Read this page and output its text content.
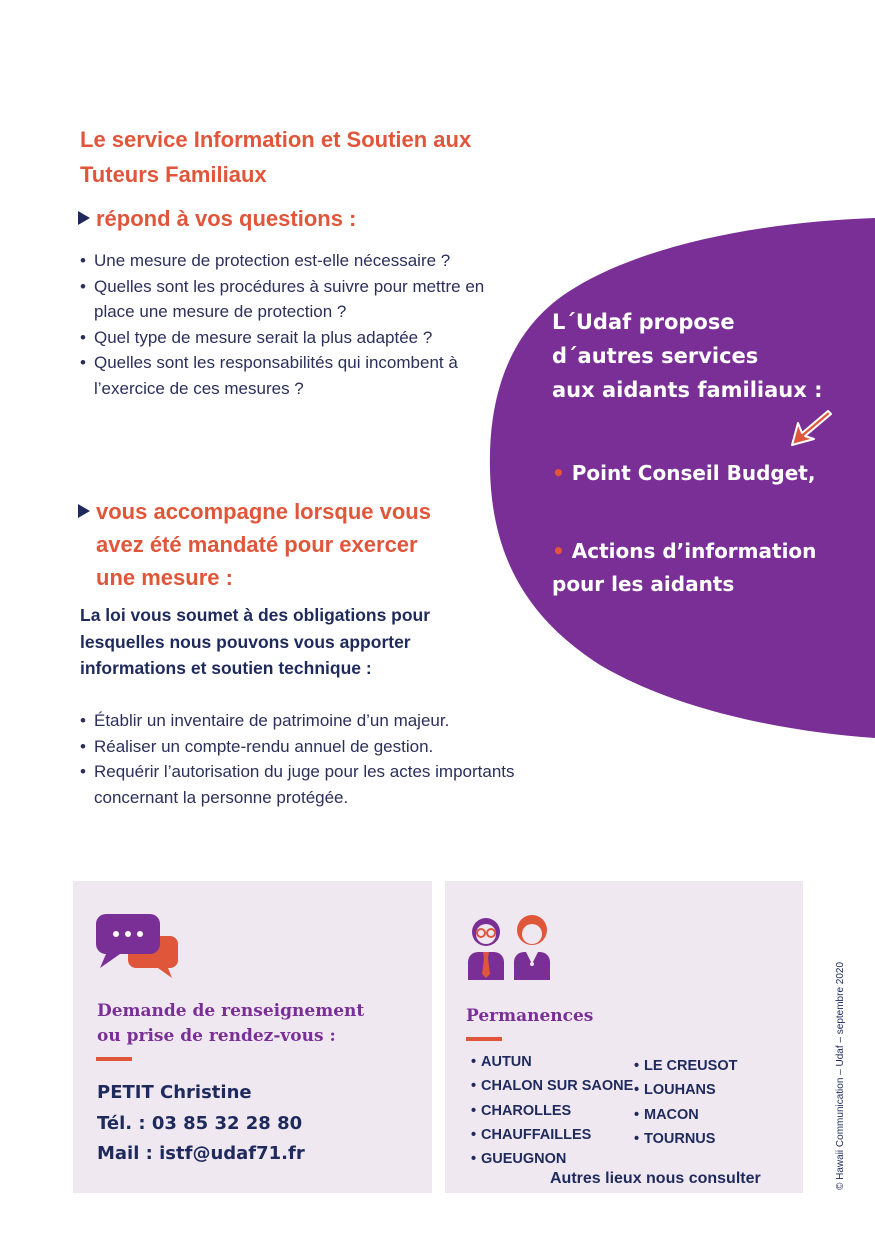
Le service Information et Soutien aux Tuteurs Familiaux
répond à vos questions :
• Une mesure de protection est-elle nécessaire ?
• Quelles sont les procédures à suivre pour mettre en place une mesure de protection ?
• Quel type de mesure serait la plus adaptée ?
• Quelles sont les responsabilités qui incombent à l’exercice de ces mesures ?
vous accompagne lorsque vous avez été mandaté pour exercer une mesure :
La loi vous soumet à des obligations pour lesquelles nous pouvons vous apporter informations et soutien technique :
• Établir un inventaire de patrimoine d’un majeur.
• Réaliser un compte-rendu annuel de gestion.
• Requérir l’autorisation du juge pour les actes importants concernant la personne protégée.
L´Udaf propose
d´autres services
aux aidants familiaux :
• Point Conseil Budget,
• Actions d’information pour les aidants
Demande de renseignement
ou prise de rendez-vous :
PETIT Christine
Tél. : 03 85 32 28 80
Mail : istf@udaf71.fr
Permanences
• AUTUN
• CHALON SUR SAONE
• CHAROLLES
• CHAUFFAILLES
• GUEUGNON
• LE CREUSOT
• LOUHANS
• MACON
• TOURNUS
Autres lieux nous consulter	© Hawaii Communication – Udaf – septembre 2020
